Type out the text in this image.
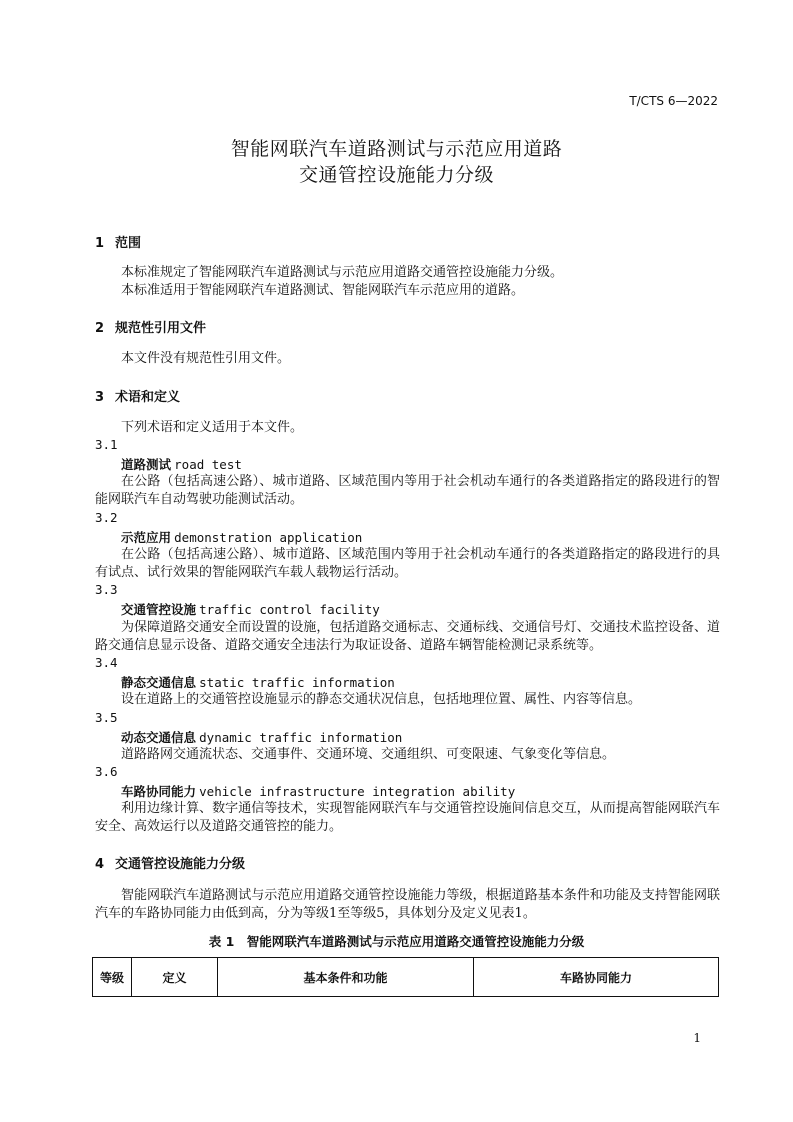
T/CTS 6—2022
智能网联汽车道路测试与示范应用道路
交通管控设施能力分级
1 范围
本标准规定了智能网联汽车道路测试与示范应用道路交通管控设施能力分级。
本标准适用于智能网联汽车道路测试、智能网联汽车示范应用的道路。
2 规范性引用文件
本文件没有规范性引用文件。
3 术语和定义
下列术语和定义适用于本文件。
3.1
道路测试 road test
在公路（包括高速公路）、城市道路、区域范围内等用于社会机动车通行的各类道路指定的路段进行的智能网联汽车自动驾驶功能测试活动。
3.2
示范应用 demonstration application
在公路（包括高速公路）、城市道路、区域范围内等用于社会机动车通行的各类道路指定的路段进行的具有试点、试行效果的智能网联汽车载人载物运行活动。
3.3
交通管控设施 traffic control facility
为保障道路交通安全而设置的设施，包括道路交通标志、交通标线、交通信号灯、交通技术监控设备、道路交通信息显示设备、道路交通安全违法行为取证设备、道路车辆智能检测记录系统等。
3.4
静态交通信息 static traffic information
设在道路上的交通管控设施显示的静态交通状况信息，包括地理位置、属性、内容等信息。
3.5
动态交通信息 dynamic traffic information
道路路网交通流状态、交通事件、交通环境、交通组织、可变限速、气象变化等信息。
3.6
车路协同能力 vehicle infrastructure integration ability
利用边缘计算、数字通信等技术，实现智能网联汽车与交通管控设施间信息交互，从而提高智能网联汽车安全、高效运行以及道路交通管控的能力。
4 交通管控设施能力分级
智能网联汽车道路测试与示范应用道路交通管控设施能力等级，根据道路基本条件和功能及支持智能网联汽车的车路协同能力由低到高，分为等级1至等级5，具体划分及定义见表1。
表 1　智能网联汽车道路测试与示范应用道路交通管控设施能力分级
等级	定义	基本条件和功能	车路协同能力
1
